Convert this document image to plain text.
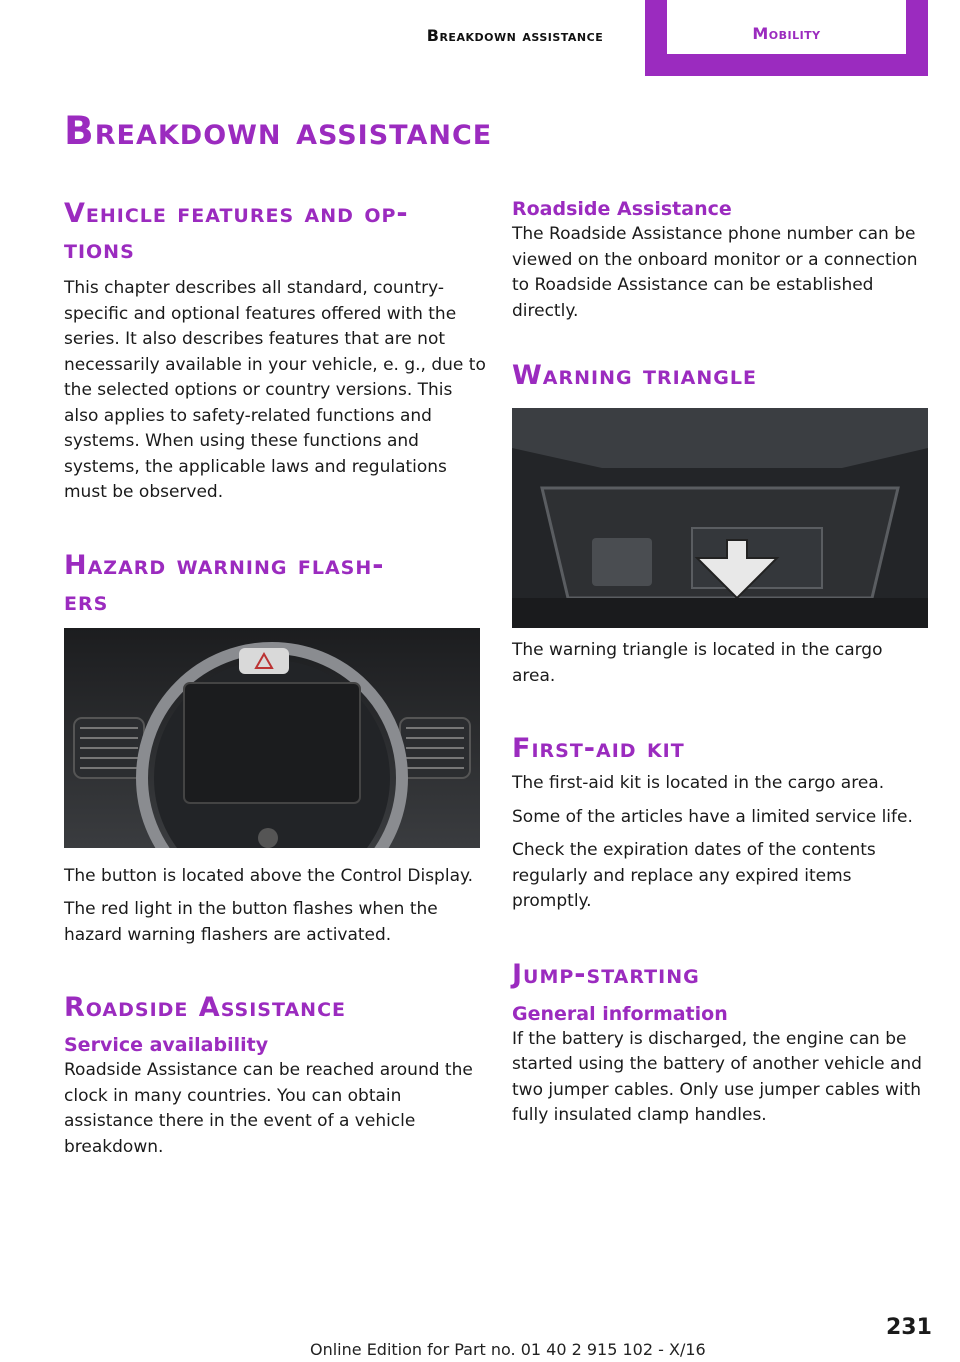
Breakdown assistance	Mobility
Breakdown assistance
Vehicle features and op‐
tions

This chapter describes all standard, country-specific and optional features offered with the series. It also describes features that are not necessarily available in your vehicle, e. g., due to the selected options or country versions. This also applies to safety-related functions and systems. When using these functions and systems, the applicable laws and regulations must be observed.

Hazard warning flash‐
ers

The button is located above the Control Display.

The red light in the button flashes when the hazard warning flashers are activated.

Roadside Assistance
Service availability

Roadside Assistance can be reached around the clock in many countries. You can obtain assistance there in the event of a vehicle breakdown.

Roadside Assistance

The Roadside Assistance phone number can be viewed on the onboard monitor or a connection to Roadside Assistance can be established directly.

Warning triangle

The warning triangle is located in the cargo area.

First-aid kit

The first-aid kit is located in the cargo area.

Some of the articles have a limited service life.

Check the expiration dates of the contents regularly and replace any expired items promptly.

Jump-starting
General information

If the battery is discharged, the engine can be started using the battery of another vehicle and two jumper cables. Only use jumper cables with fully insulated clamp handles.

231
Online Edition for Part no. 01 40 2 915 102 - X/16
